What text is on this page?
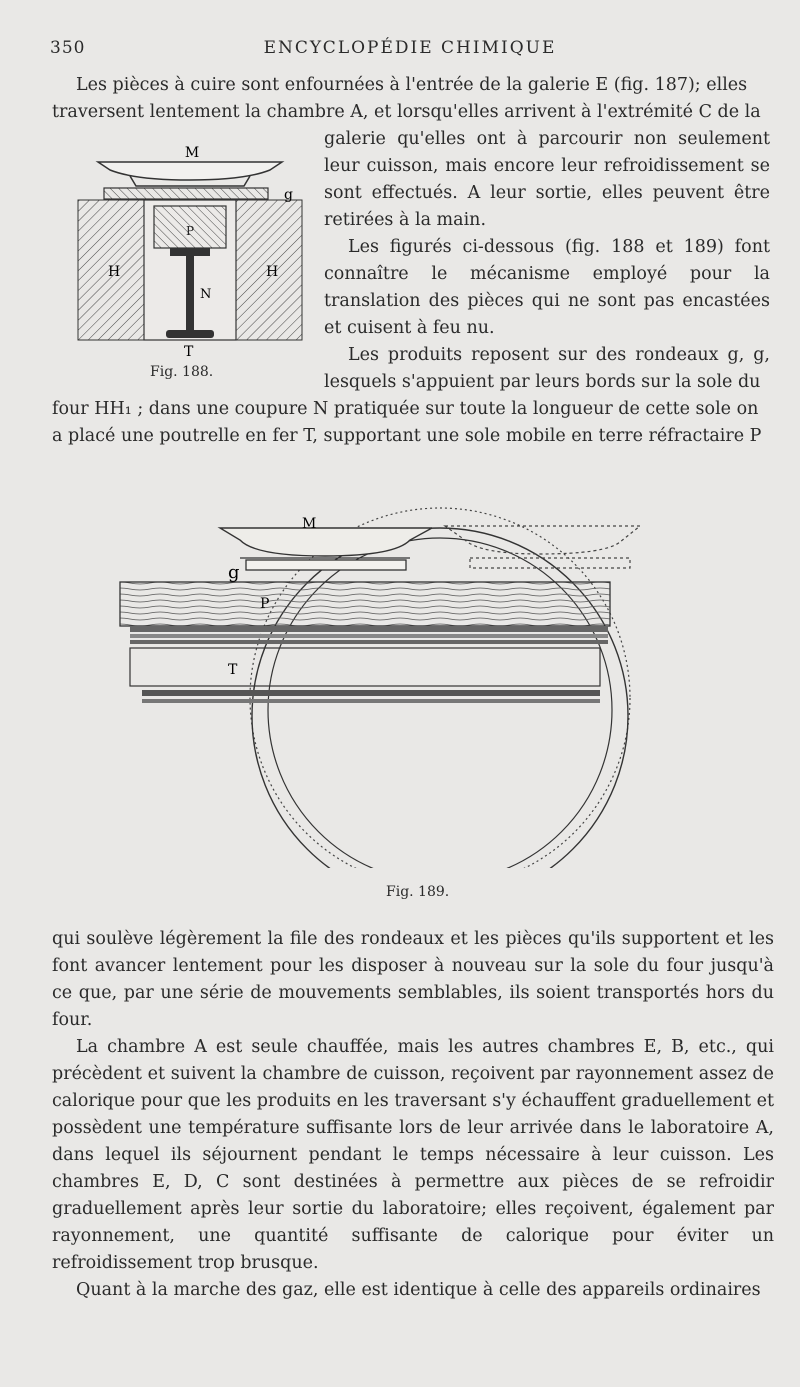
350	ENCYCLOPÉDIE CHIMIQUE

Les pièces à cuire sont enfournées à l'entrée de la galerie E (fig. 187); elles

traversent lentement la chambre A, et lorsqu'elles arrivent à l'extrémité C de la

M
g
P
H	H
N
T
Fig. 188.

galerie qu'elles ont à parcourir non seulement leur cuisson, mais encore leur refroidissement se sont effectués. A leur sortie, elles peuvent être retirées à la main.

Les figurés ci-dessous (fig. 188 et 189) font connaître le mécanisme employé pour la translation des pièces qui ne sont pas encastées et cuisent à feu nu.

Les produits reposent sur des rondeaux g, g, lesquels s'appuient par leurs bords sur la sole du

four HH₁ ; dans une coupure N pratiquée sur toute la longueur de cette sole on

a placé une poutrelle en fer T, supportant une sole mobile en terre réfractaire P

M
g
P
T
Fig. 189.

qui soulève légèrement la file des rondeaux et les pièces qu'ils supportent et les font avancer lentement pour les disposer à nouveau sur la sole du four jusqu'à ce que, par une série de mouvements semblables, ils soient transportés hors du four.

La chambre A est seule chauffée, mais les autres chambres E, B, etc., qui précèdent et suivent la chambre de cuisson, reçoivent par rayonnement assez de calorique pour que les produits en les traversant s'y échauffent graduellement et possèdent une température suffisante lors de leur arrivée dans le laboratoire A, dans lequel ils séjournent pendant le temps nécessaire à leur cuisson. Les chambres E, D, C sont destinées à permettre aux pièces de se refroidir graduellement après leur sortie du laboratoire; elles reçoivent, également par rayonnement, une quantité suffisante de calorique pour éviter un refroidissement trop brusque.

Quant à la marche des gaz, elle est identique à celle des appareils ordinaires
